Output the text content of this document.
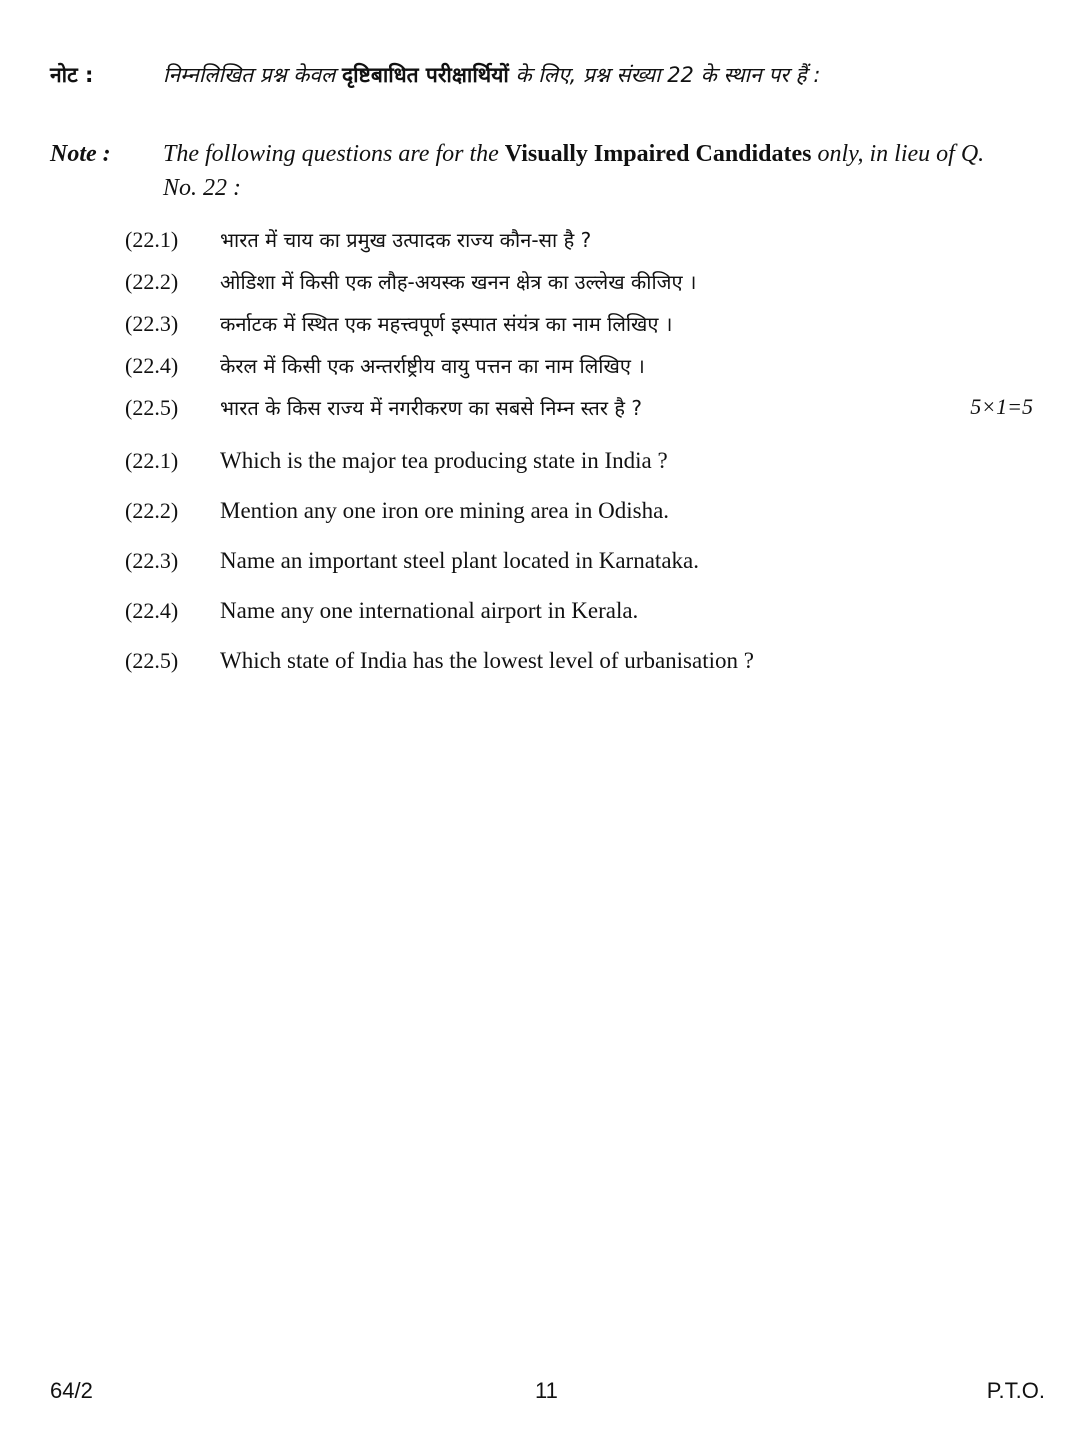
नोट :	निम्नलिखित प्रश्न केवल दृष्टिबाधित परीक्षार्थियों के लिए, प्रश्न संख्या 22 के स्थान पर हैं :
Note :	The following questions are for the Visually Impaired Candidates only, in lieu of Q. No. 22 :
(22.1)	भारत में चाय का प्रमुख उत्पादक राज्य कौन-सा है ?
(22.2)	ओडिशा में किसी एक लौह-अयस्क खनन क्षेत्र का उल्लेख कीजिए ।
(22.3)	कर्नाटक में स्थित एक महत्त्वपूर्ण इस्पात संयंत्र का नाम लिखिए ।
(22.4)	केरल में किसी एक अन्तर्राष्ट्रीय वायु पत्तन का नाम लिखिए ।
(22.5)	भारत के किस राज्य में नगरीकरण का सबसे निम्न स्तर है ?	5×1=5
(22.1)	Which is the major tea producing state in India ?
(22.2)	Mention any one iron ore mining area in Odisha.
(22.3)	Name an important steel plant located in Karnataka.
(22.4)	Name any one international airport in Kerala.
(22.5)	Which state of India has the lowest level of urbanisation ?
64/2	11	P.T.O.
